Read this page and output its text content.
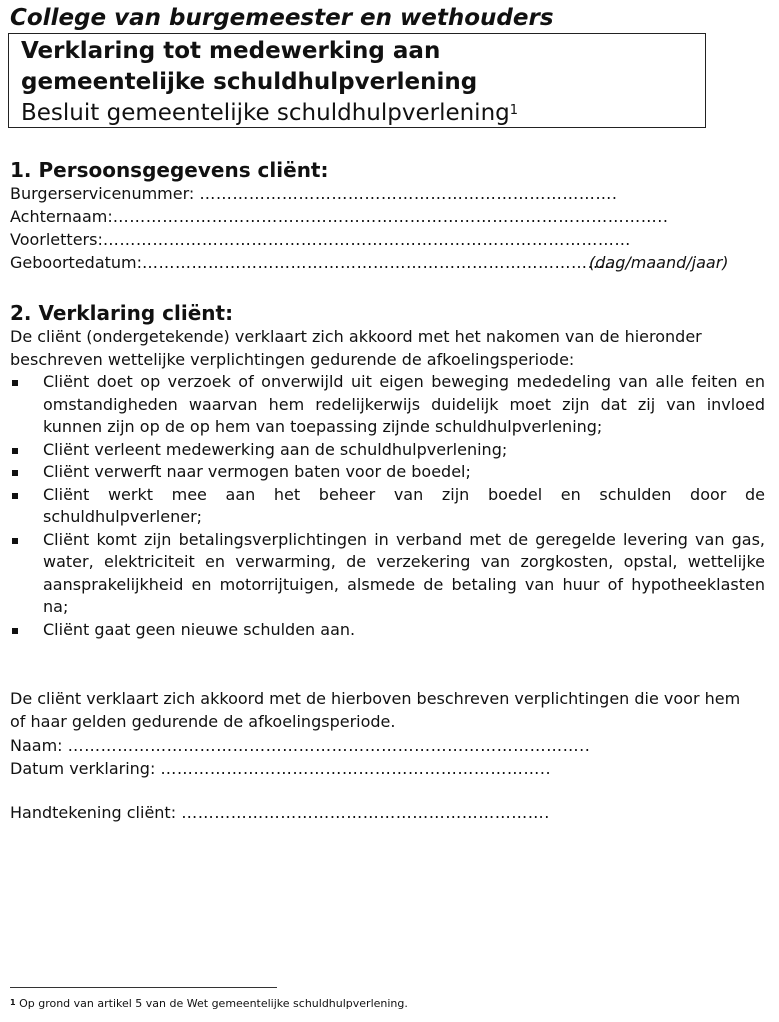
College van burgemeester en wethouders
Verklaring tot medewerking aan
gemeentelijke schuldhulpverlening
Besluit gemeentelijke schuldhulpverlening$^1$
1. Persoonsgegevens cliënt:
Burgerservicenummer: ………………………………………………………………….
Achternaam:………………………………………………………………………………………..
Voorletters:……………………………………………………………………………………
Geboortedatum:……………………………………………………………………………
(dag/maand/jaar)
2. Verklaring cliënt:
De cliënt (ondergetekende) verklaart zich akkoord met het nakomen van de hieronder beschreven wettelijke verplichtingen gedurende de afkoelingsperiode:
Cliënt doet op verzoek of onverwijld uit eigen beweging mededeling van alle feiten en omstandigheden waarvan hem redelijkerwijs duidelijk moet zijn dat zij van invloed kunnen zijn op de op hem van toepassing zijnde schuldhulpverlening;
Cliënt verleent medewerking aan de schuldhulpverlening;
Cliënt verwerft naar vermogen baten voor de boedel;
Cliënt werkt mee aan het beheer van zijn boedel en schulden door de schuldhulpverlener;
Cliënt komt zijn betalingsverplichtingen in verband met de geregelde levering van gas, water, elektriciteit en verwarming, de verzekering van zorgkosten, opstal, wettelijke aansprakelijkheid en motorrijtuigen, alsmede de betaling van huur of hypotheeklasten na;
Cliënt gaat geen nieuwe schulden aan.
De cliënt verklaart zich akkoord met de hierboven beschreven verplichtingen die voor hem of haar gelden gedurende de afkoelingsperiode.
Naam: …………………………………………………………………………………..
Datum verklaring: ……………………………………………………………..
Handtekening cliënt: ………………………………………………………….
$^1$ Op grond van artikel 5 van de Wet gemeentelijke schuldhulpverlening.
